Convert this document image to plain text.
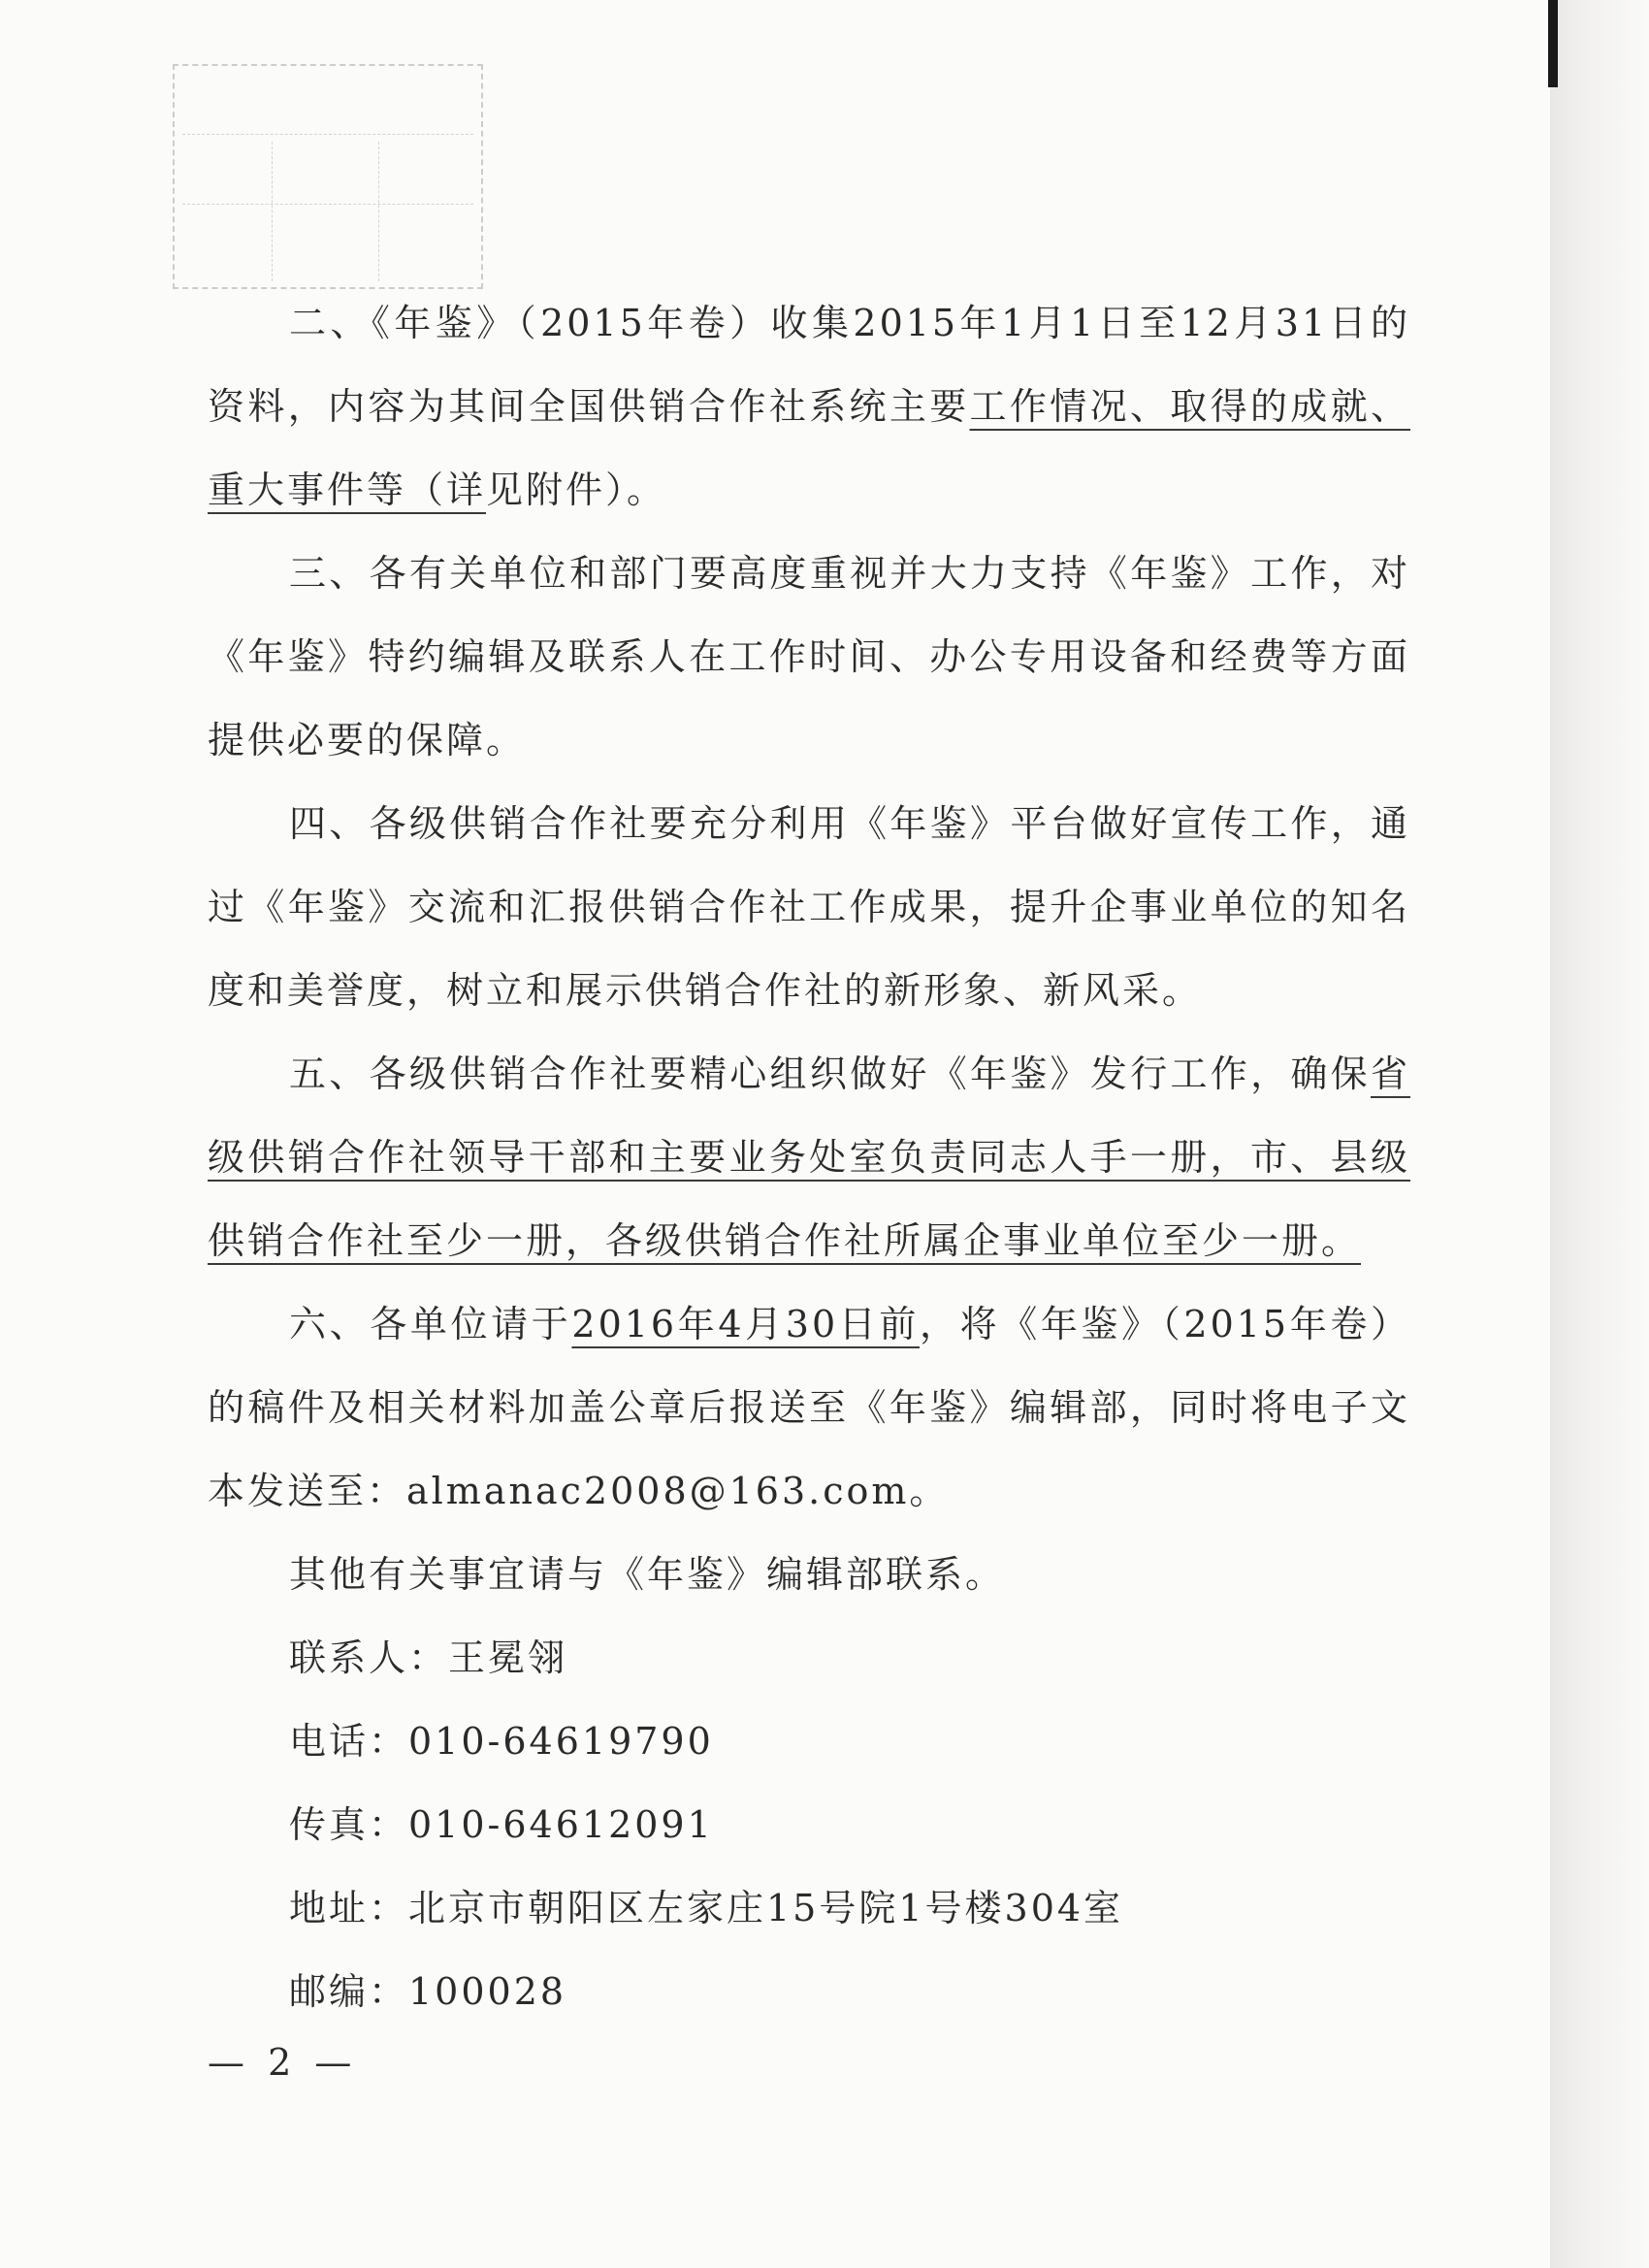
二、《年鉴》（2015年卷）收集2015年1月1日至12月31日的资料，内容为其间全国供销合作社系统主要工作情况、取得的成就、重大事件等（详见附件）。

三、各有关单位和部门要高度重视并大力支持《年鉴》工作，对《年鉴》特约编辑及联系人在工作时间、办公专用设备和经费等方面提供必要的保障。

四、各级供销合作社要充分利用《年鉴》平台做好宣传工作，通过《年鉴》交流和汇报供销合作社工作成果，提升企事业单位的知名度和美誉度，树立和展示供销合作社的新形象、新风采。

五、各级供销合作社要精心组织做好《年鉴》发行工作，确保省级供销合作社领导干部和主要业务处室负责同志人手一册，市、县级供销合作社至少一册，各级供销合作社所属企事业单位至少一册。

六、各单位请于2016年4月30日前，将《年鉴》（2015年卷）的稿件及相关材料加盖公章后报送至《年鉴》编辑部，同时将电子文本发送至：almanac2008@163.com。

其他有关事宜请与《年鉴》编辑部联系。

联系人：王冕翎

电话：010-64619790

传真：010-64612091

地址：北京市朝阳区左家庄15号院1号楼304室

邮编：100028

— 2 —
